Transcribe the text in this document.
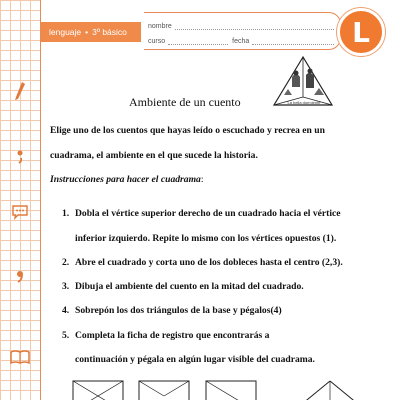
lenguaje • 3º básico
nombre
curso	fecha	L
La bella durmiente
Ambiente de un cuento
Elige uno de los cuentos que hayas leído o escuchado y recrea en un
cuadrama, el ambiente en el que sucede la historia.
Instrucciones para hacer el cuadrama:
1. Dobla el vértice superior derecho de un cuadrado hacia el vértice
inferior izquierdo. Repite lo mismo con los vértices opuestos (1).
2. Abre el cuadrado y corta uno de los dobleces hasta el centro (2,3).
3. Dibuja el ambiente del cuento en la mitad del cuadrado.
4. Sobrepón los dos triángulos de la base y pégalos(4)
5. Completa la ficha de registro que encontrarás a
continuación y pégala en algún lugar visible del cuadrama.
